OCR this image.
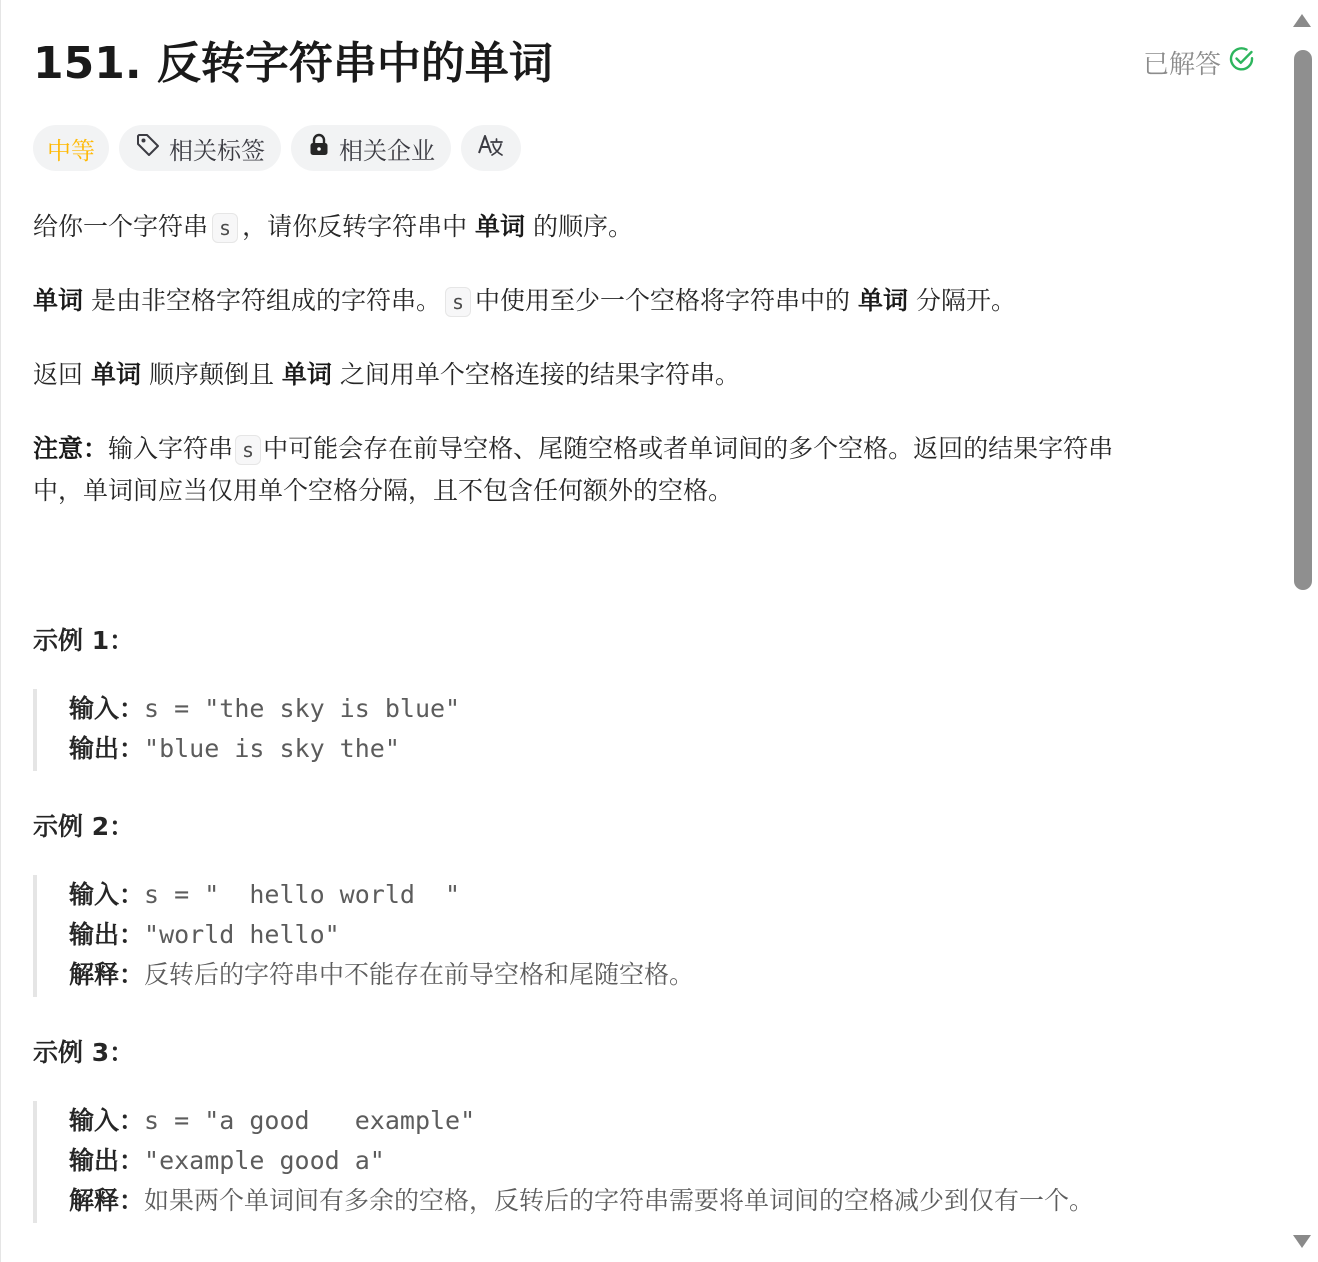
151. 反转字符串中的单词	已解答
中等	相关标签	相关企业
给你一个字符串 s ，请你反转字符串中 单词 的顺序。
单词 是由非空格字符组成的字符串。 s 中使用至少一个空格将字符串中的 单词 分隔开。
返回 单词 顺序颠倒且 单词 之间用单个空格连接的结果字符串。
注意：输入字符串 s 中可能会存在前导空格、尾随空格或者单词间的多个空格。返回的结果字符串
中，单词间应当仅用单个空格分隔，且不包含任何额外的空格。
示例 1：
输入：s = "the sky is blue"
输出："blue is sky the"
示例 2：
输入：s = "  hello world  "
输出："world hello"
解释：反转后的字符串中不能存在前导空格和尾随空格。
示例 3：
输入：s = "a good   example"
输出："example good a"
解释：如果两个单词间有多余的空格，反转后的字符串需要将单词间的空格减少到仅有一个。
